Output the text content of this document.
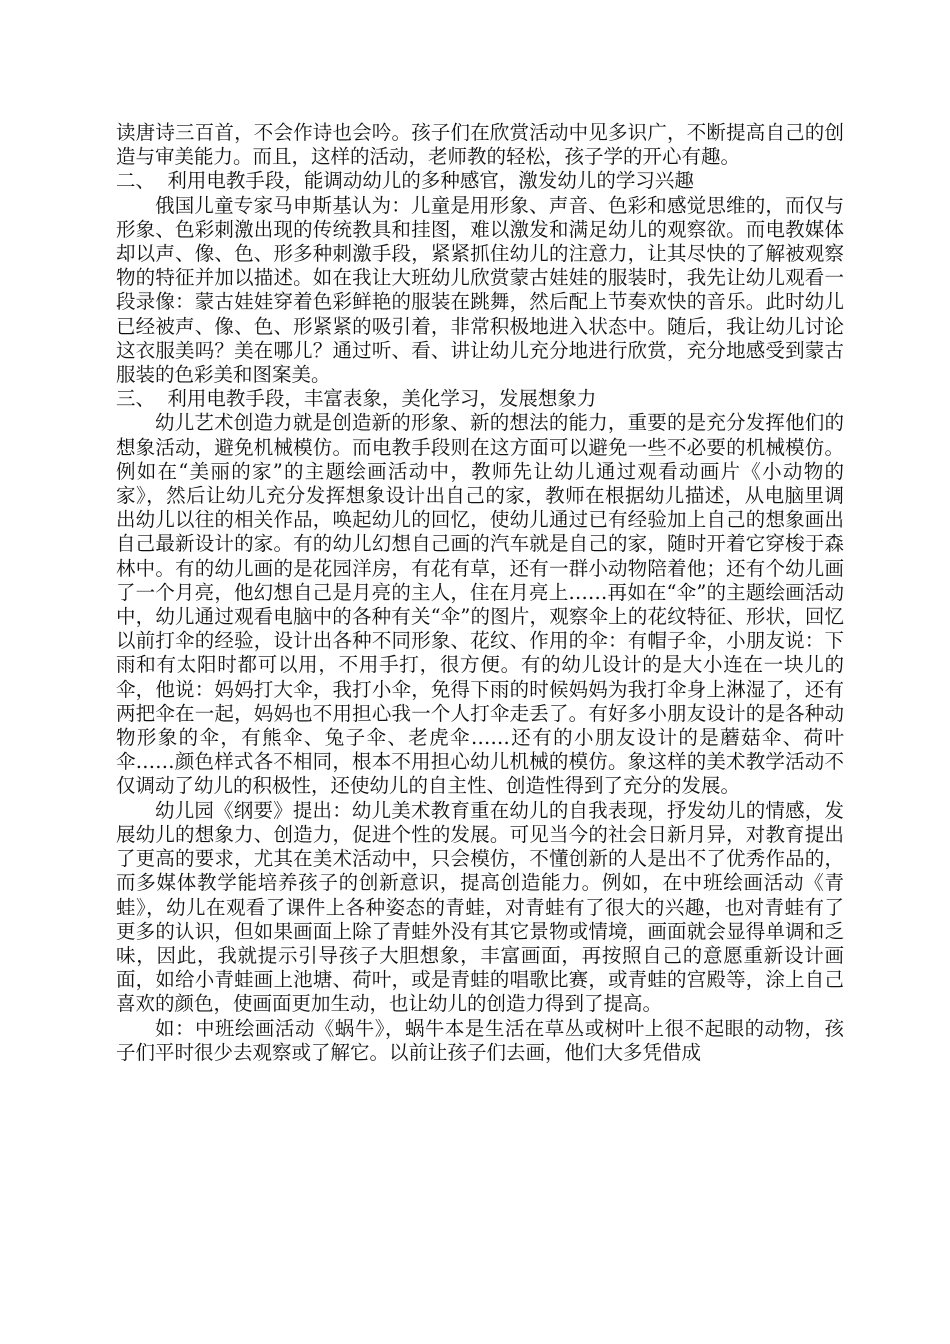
读唐诗三百首，不会作诗也会吟。孩子们在欣赏活动中见多识广，不断提高自己的创造与审美能力。而且，这样的活动，老师教的轻松，孩子学的开心有趣。

二、  利用电教手段，能调动幼儿的多种感官，激发幼儿的学习兴趣

俄国儿童专家马申斯基认为：儿童是用形象、声音、色彩和感觉思维的，而仅与形象、色彩刺激出现的传统教具和挂图，难以激发和满足幼儿的观察欲。而电教媒体却以声、像、色、形多种刺激手段，紧紧抓住幼儿的注意力，让其尽快的了解被观察物的特征并加以描述。如在我让大班幼儿欣赏蒙古娃娃的服装时，我先让幼儿观看一段录像：蒙古娃娃穿着色彩鲜艳的服装在跳舞，然后配上节奏欢快的音乐。此时幼儿已经被声、像、色、形紧紧的吸引着，非常积极地进入状态中。随后，我让幼儿讨论这衣服美吗？美在哪儿？通过听、看、讲让幼儿充分地进行欣赏，充分地感受到蒙古服装的色彩美和图案美。

三、  利用电教手段，丰富表象，美化学习，发展想象力

幼儿艺术创造力就是创造新的形象、新的想法的能力，重要的是充分发挥他们的想象活动，避免机械模仿。而电教手段则在这方面可以避免一些不必要的机械模仿。例如在“美丽的家”的主题绘画活动中，教师先让幼儿通过观看动画片《小动物的家》，然后让幼儿充分发挥想象设计出自己的家，教师在根据幼儿描述，从电脑里调出幼儿以往的相关作品，唤起幼儿的回忆，使幼儿通过已有经验加上自己的想象画出自己最新设计的家。有的幼儿幻想自己画的汽车就是自己的家，随时开着它穿梭于森林中。有的幼儿画的是花园洋房，有花有草，还有一群小动物陪着他；还有个幼儿画了一个月亮，他幻想自己是月亮的主人，住在月亮上……再如在“伞”的主题绘画活动中，幼儿通过观看电脑中的各种有关“伞”的图片，观察伞上的花纹特征、形状，回忆以前打伞的经验，设计出各种不同形象、花纹、作用的伞：有帽子伞，小朋友说：下雨和有太阳时都可以用，不用手打，很方便。有的幼儿设计的是大小连在一块儿的伞，他说：妈妈打大伞，我打小伞，免得下雨的时候妈妈为我打伞身上淋湿了，还有两把伞在一起，妈妈也不用担心我一个人打伞走丢了。有好多小朋友设计的是各种动物形象的伞，有熊伞、兔子伞、老虎伞……还有的小朋友设计的是蘑菇伞、荷叶伞……颜色样式各不相同，根本不用担心幼儿机械的模仿。象这样的美术教学活动不仅调动了幼儿的积极性，还使幼儿的自主性、创造性得到了充分的发展。

幼儿园《纲要》提出：幼儿美术教育重在幼儿的自我表现，抒发幼儿的情感，发展幼儿的想象力、创造力，促进个性的发展。可见当今的社会日新月异，对教育提出了更高的要求，尤其在美术活动中，只会模仿，不懂创新的人是出不了优秀作品的，而多媒体教学能培养孩子的创新意识，提高创造能力。例如，在中班绘画活动《青蛙》，幼儿在观看了课件上各种姿态的青蛙，对青蛙有了很大的兴趣，也对青蛙有了更多的认识，但如果画面上除了青蛙外没有其它景物或情境，画面就会显得单调和乏味，因此，我就提示引导孩子大胆想象，丰富画面，再按照自己的意愿重新设计画面，如给小青蛙画上池塘、荷叶，或是青蛙的唱歌比赛，或青蛙的宫殿等，涂上自己喜欢的颜色，使画面更加生动，也让幼儿的创造力得到了提高。

如：中班绘画活动《蜗牛》，蜗牛本是生活在草丛或树叶上很不起眼的动物，孩子们平时很少去观察或了解它。以前让孩子们去画，他们大多凭借成
